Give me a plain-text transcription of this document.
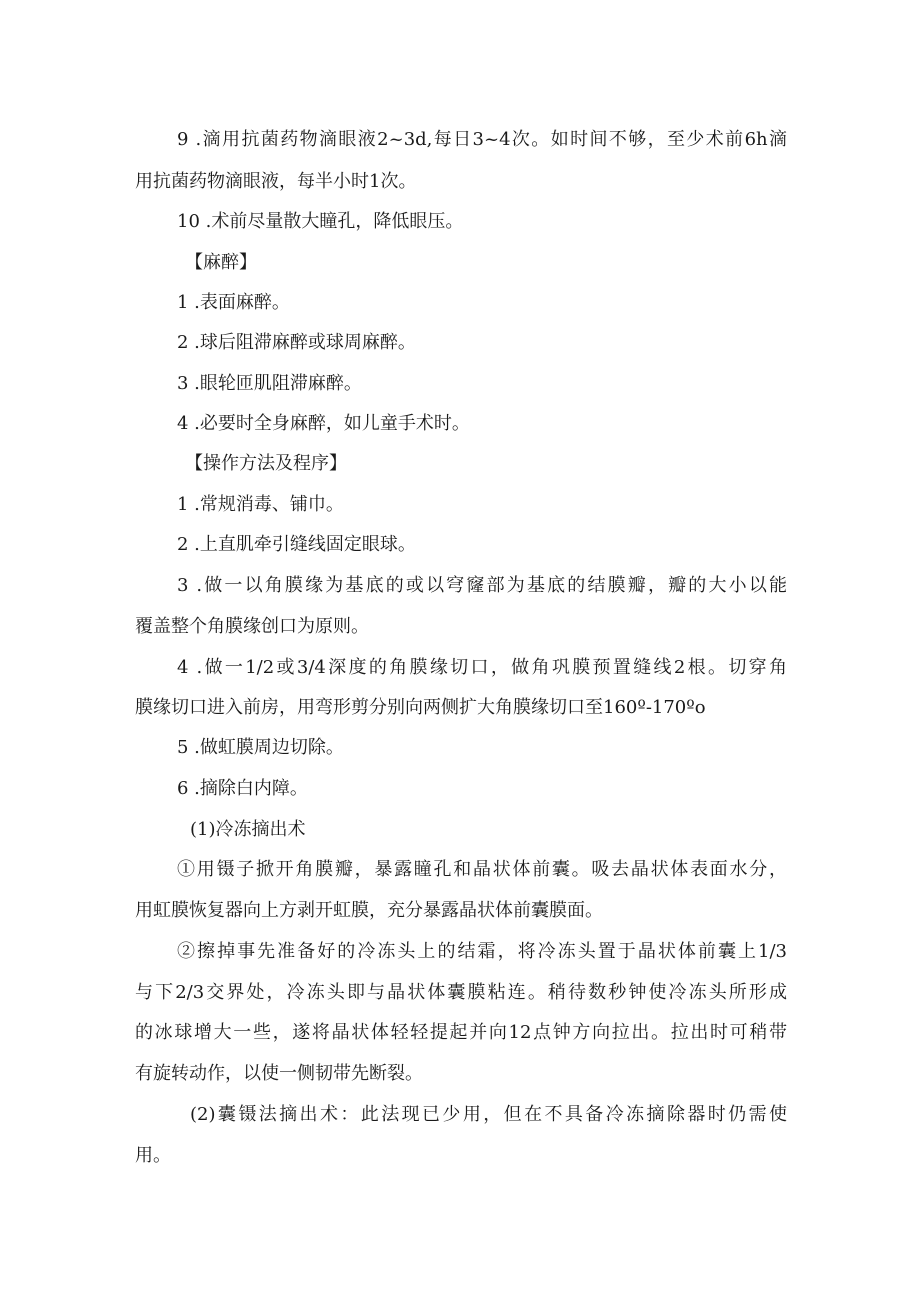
9 .滴用抗菌药物滴眼液2~3d,每日3~4次。如时间不够，至少术前6h滴
用抗菌药物滴眼液，每半小时1次。
10 .术前尽量散大瞳孔，降低眼压。
【麻醉】
1 .表面麻醉。
2 .球后阻滞麻醉或球周麻醉。
3 .眼轮匝肌阻滞麻醉。
4 .必要时全身麻醉，如儿童手术时。
【操作方法及程序】
1 .常规消毒、铺巾。
2 .上直肌牵引缝线固定眼球。
3 .做一以角膜缘为基底的或以穹窿部为基底的结膜瓣，瓣的大小以能
覆盖整个角膜缘创口为原则。
4 .做一1/2或3/4深度的角膜缘切口，做角巩膜预置缝线2根。切穿角
膜缘切口进入前房，用弯形剪分别向两侧扩大角膜缘切口至160º-170ºo
5 .做虹膜周边切除。
6 .摘除白内障。
(1)冷冻摘出术
①用镊子掀开角膜瓣，暴露瞳孔和晶状体前囊。吸去晶状体表面水分，
用虹膜恢复器向上方剥开虹膜，充分暴露晶状体前囊膜面。
②擦掉事先准备好的冷冻头上的结霜，将冷冻头置于晶状体前囊上1/3
与下2/3交界处，冷冻头即与晶状体囊膜粘连。稍待数秒钟使冷冻头所形成
的冰球增大一些，遂将晶状体轻轻提起并向12点钟方向拉出。拉出时可稍带
有旋转动作，以使一侧韧带先断裂。
(2)囊镊法摘出术：此法现已少用，但在不具备冷冻摘除器时仍需使
用。
